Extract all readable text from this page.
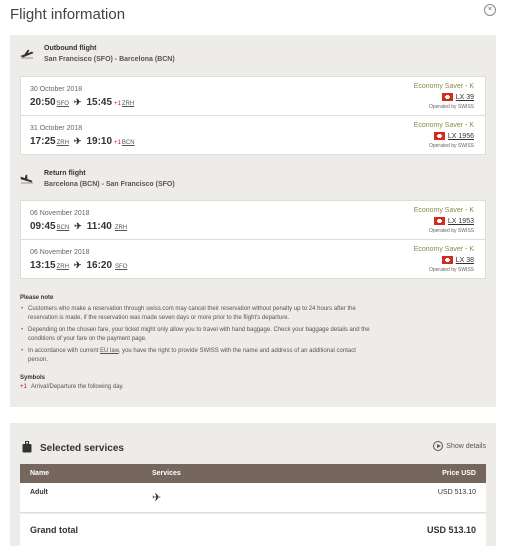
Flight information	×
Outbound flight
San Francisco (SFO) - Barcelona (BCN)
30 October 2018
20:50SFO ✈ 15:45 +1ZRH
Economy Saver - K
LX 39
Operated by SWISS
31 October 2018
17:25ZRH ✈ 19:10 +1BCN
Economy Saver - K
LX 1956
Operated by SWISS
Return flight
Barcelona (BCN) - San Francisco (SFO)
06 November 2018
09:45BCN ✈ 11:40 ZRH
Economy Saver - K
LX 1953
Operated by SWISS
06 November 2018
13:15ZRH ✈ 16:20 SFO
Economy Saver - K
LX 38
Operated by SWISS
Please note
• Customers who make a reservation through swiss.com may cancel their reservation without penalty up to 24 hours after the reservation is made, if the reservation was made seven days or more prior to the flight's departure.
• Depending on the chosen fare, your ticket might only allow you to travel with hand baggage. Check your baggage details and the conditions of your fare on the payment page.
• In accordance with current EU law, you have the right to provide SWISS with the name and address of an additional contact person.
Symbols
+1 Arrival/Departure the following day.
Selected services	Show details
Name	Services	Price USD
Adult	✈	USD 513.10
Grand total	USD 513.10
